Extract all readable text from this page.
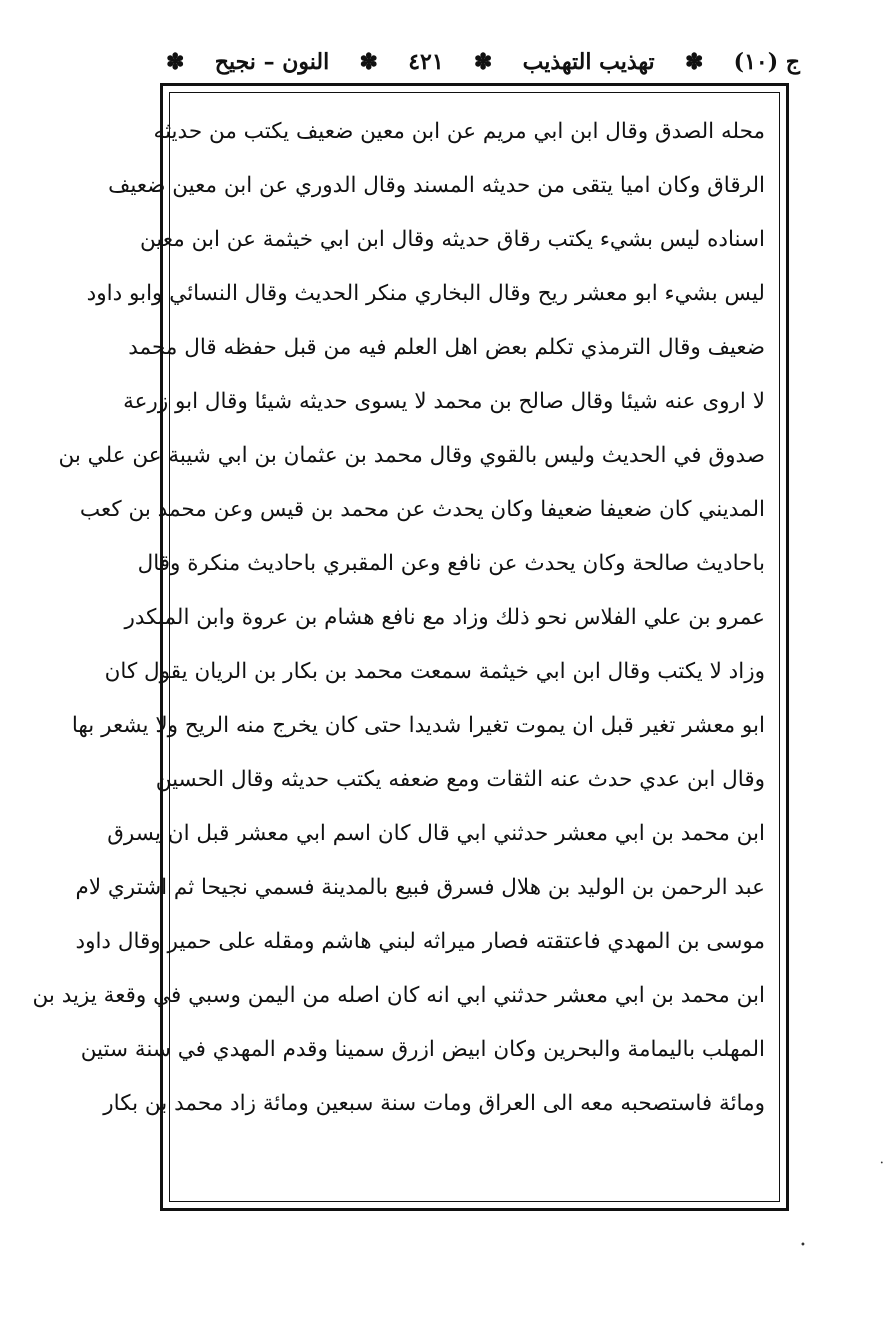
ج (١٠)
✽
تهذيب التهذيب
✽
٤٢١
✽
النون – نجيح
✽
محله الصدق وقال ابن ابي مريم عن ابن معين ضعيف يكتب من حديثه
الرقاق وكان اميا يتقى من حديثه المسند وقال الدوري عن ابن معين ضعيف
اسناده ليس بشيء يكتب رقاق حديثه وقال ابن ابي خيثمة عن ابن معين
ليس بشيء ابو معشر ريح وقال البخاري منكر الحديث وقال النسائي وابو داود
ضعيف وقال الترمذي تكلم بعض اهل العلم فيه من قبل حفظه قال محمد
لا اروى عنه شيئا وقال صالح بن محمد لا يسوى حديثه شيئا وقال ابو زرعة
صدوق في الحديث وليس بالقوي وقال محمد بن عثمان بن ابي شيبة عن علي بن
المديني كان ضعيفا ضعيفا وكان يحدث عن محمد بن قيس وعن محمد بن كعب
باحاديث صالحة وكان يحدث عن نافع وعن المقبري باحاديث منكرة وقال
عمرو بن علي الفلاس نحو ذلك وزاد مع نافع هشام بن عروة وابن المنكدر
وزاد لا يكتب وقال ابن ابي خيثمة سمعت محمد بن بكار بن الريان يقول كان
ابو معشر تغير قبل ان يموت تغيرا شديدا حتى كان يخرج منه الريح ولا يشعر بها
وقال ابن عدي حدث عنه الثقات ومع ضعفه يكتب حديثه وقال الحسين
ابن محمد بن ابي معشر حدثني ابي قال كان اسم ابي معشر قبل ان يسرق
عبد الرحمن بن الوليد بن هلال فسرق فبيع بالمدينة فسمي نجيحا ثم اشتري لام
موسى بن المهدي فاعتقته فصار ميراثه لبني هاشم ومقله على حمير وقال داود
ابن محمد بن ابي معشر حدثني ابي انه كان اصله من اليمن وسبي في وقعة يزيد بن
المهلب باليمامة والبحرين وكان ابيض ازرق سمينا وقدم المهدي في سنة ستين
ومائة فاستصحبه معه الى العراق ومات سنة سبعين ومائة زاد محمد بن بكار
•
•
